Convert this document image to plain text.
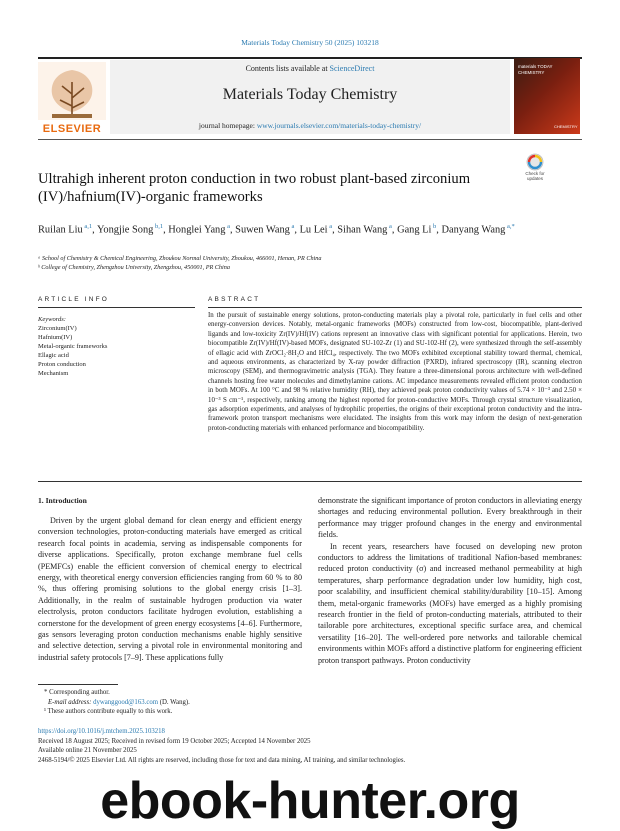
Materials Today Chemistry 50 (2025) 103218
ELSEVIER
Contents lists available at ScienceDirect
Materials Today Chemistry
journal homepage: www.journals.elsevier.com/materials-today-chemistry/
materials TODAY CHEMISTRY
CHEMISTRY
Ultrahigh inherent proton conduction in two robust plant-based zirconium (IV)/hafnium(IV)-organic frameworks
Check for updates
Ruilan Liu $^{a,1}$, Yongjie Song $^{b,1}$, Honglei Yang $^a$, Suwen Wang $^a$, Lu Lei $^a$, Sihan Wang $^a$, Gang Li $^b$, Danyang Wang $^{a,*}$
ᵃ School of Chemistry & Chemical Engineering, Zhoukou Normal University, Zhoukou, 466001, Henan, PR China
ᵇ College of Chemistry, Zhengzhou University, Zhengzhou, 450001, PR China
ARTICLE INFO	ABSTRACT
Keywords:
Zirconium(IV)
Hafnium(IV)
Metal-organic frameworks
Ellagic acid
Proton conduction
Mechanism
In the pursuit of sustainable energy solutions, proton-conducting materials play a pivotal role, particularly in fuel cells and other energy-conversion devices. Notably, metal-organic frameworks (MOFs) constructed from low-cost, biocompatible, plant-derived ligands and low-toxicity Zr(IV)/Hf(IV) cations represent an innovative class with significant potential for applications. Herein, two biocompatible Zr(IV)/Hf(IV)-based MOFs, designated SU-102-Zr (1) and SU-102-Hf (2), were synthesized through the self-assembly of ellagic acid with ZrOCl₂·8H₂O and HfCl₄, respectively. The two MOFs exhibited exceptional stability toward thermal, chemical, and aqueous environments, as characterized by X-ray powder diffraction (PXRD), infrared spectroscopy (IR), scanning electron microscopy (SEM), and thermogravimetric analysis (TGA). They feature a three-dimensional porous architecture with well-defined channels hosting free water molecules and dimethylamine cations. AC impedance measurements revealed efficient proton conduction in both MOFs. At 100 °C and 98 % relative humidity (RH), they achieved peak proton conductivity values of 5.74 × 10⁻³ and 2.50 × 10⁻³ S cm⁻¹, respectively, ranking among the highest reported for proton-conductive MOFs. Through crystal structure visualization, gas adsorption experiments, and analyses of hydrophilic properties, the origins of their exceptional proton conductivity and the intra-framework proton transport mechanisms were elucidated. The insights from this work may inform the design of next-generation proton-conducting materials with enhanced performance and biocompatibility.
1. Introduction
Driven by the urgent global demand for clean energy and efficient energy conversion technologies, proton-conducting materials have emerged as critical research focal points in academia, serving as indispensable components for diverse applications. Specifically, proton exchange membrane fuel cells (PEMFCs) enable the efficient conversion of chemical energy to electrical energy, with theoretical energy conversion efficiencies ranging from 60 % to 80 %, thus offering promising solutions to the global energy crisis [1–3]. Additionally, in the realm of sustainable hydrogen production via water electrolysis, proton conductors facilitate hydrogen evolution, establishing a cornerstone for the development of green energy ecosystems [4–6]. Furthermore, gas sensors leveraging proton conduction mechanisms enable highly sensitive and selective detection, serving a pivotal role in environmental monitoring and industrial safety protocols [7–9]. These applications fully
demonstrate the significant importance of proton conductors in alleviating energy shortages and reducing environmental pollution. Every breakthrough in their performance may trigger profound changes in the energy and environmental fields.
In recent years, researchers have focused on developing new proton conductors to address the limitations of traditional Nafion-based membranes: reduced proton conductivity (σ) and increased methanol permeability at high temperatures, sharp performance degradation under low humidity, high cost, poor scalability, and insufficient chemical stability/durability [10–15]. Among them, metal-organic frameworks (MOFs) have emerged as a highly promising research frontier in the field of proton-conducting materials, attributed to their tailorable pore architectures, exceptional specific surface area, and chemical versatility [16–20]. The well-ordered pore networks and tailorable chemical environments within MOFs afford a distinctive platform for engineering efficient proton transport pathways. Proton conductivity
* Corresponding author.
E-mail address: dywanggood@163.com (D. Wang).
¹ These authors contribute equally to this work.
https://doi.org/10.1016/j.mtchem.2025.103218
Received 18 August 2025; Received in revised form 19 October 2025; Accepted 14 November 2025
Available online 21 November 2025
2468-5194/© 2025 Elsevier Ltd. All rights are reserved, including those for text and data mining, AI training, and similar technologies.
ebook-hunter.org
